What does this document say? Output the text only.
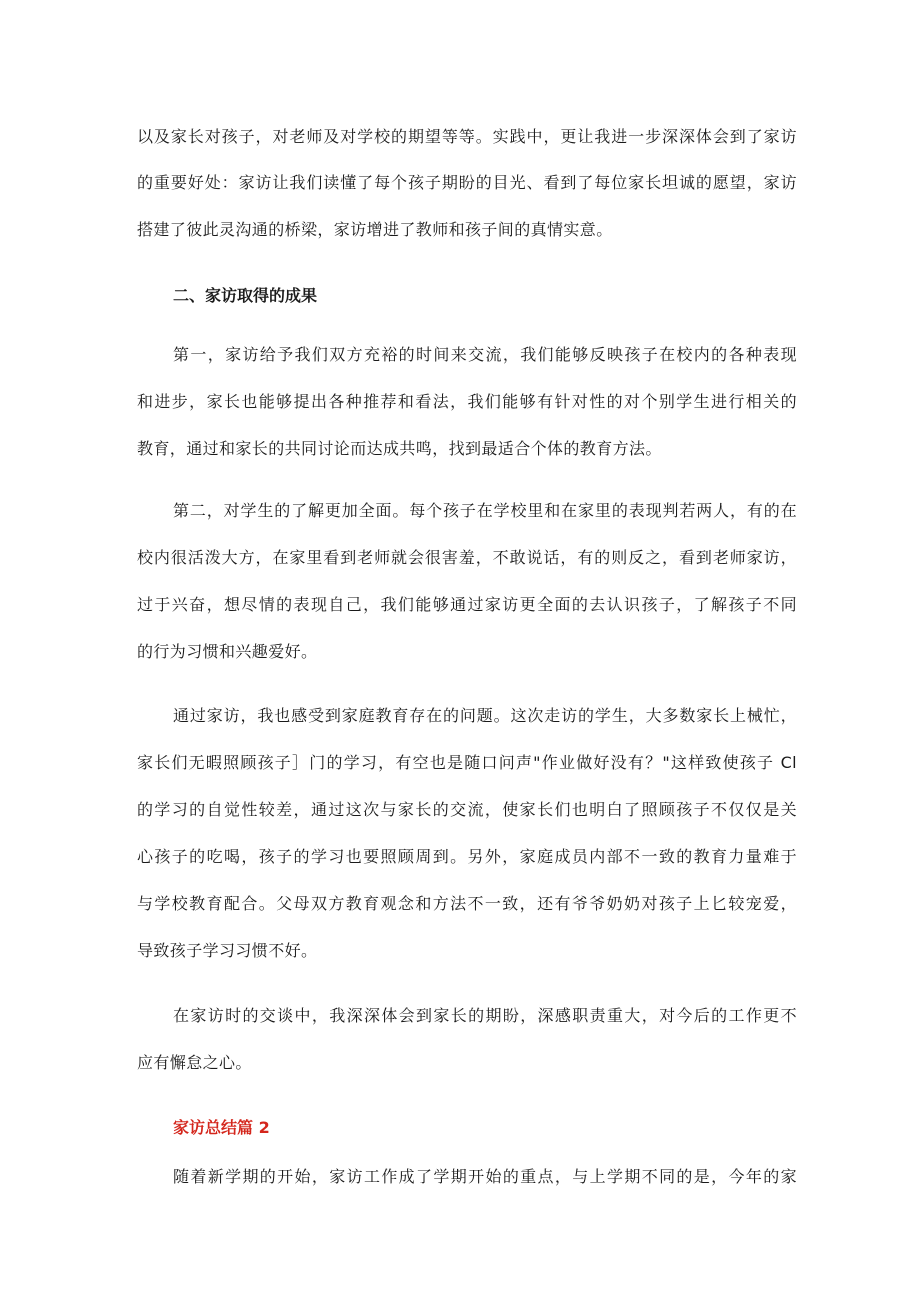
以及家长对孩子，对老师及对学校的期望等等。实践中，更让我进一步深深体会到了家访
的重要好处：家访让我们读懂了每个孩子期盼的目光、看到了每位家长坦诚的愿望，家访
搭建了彼此灵沟通的桥梁，家访增进了教师和孩子间的真情实意。
二、家访取得的成果
第一，家访给予我们双方充裕的时间来交流，我们能够反映孩子在校内的各种表现
和进步，家长也能够提出各种推荐和看法，我们能够有针对性的对个别学生进行相关的
教育，通过和家长的共同讨论而达成共鸣，找到最适合个体的教育方法。
第二，对学生的了解更加全面。每个孩子在学校里和在家里的表现判若两人，有的在
校内很活泼大方，在家里看到老师就会很害羞，不敢说话，有的则反之，看到老师家访，
过于兴奋，想尽情的表现自己，我们能够通过家访更全面的去认识孩子，了解孩子不同
的行为习惯和兴趣爱好。
通过家访，我也感受到家庭教育存在的问题。这次走访的学生，大多数家长上械忙，
家长们无暇照顾孩子］门的学习，有空也是随口问声"作业做好没有？"这样致使孩子 Cl
的学习的自觉性较差，通过这次与家长的交流，使家长们也明白了照顾孩子不仅仅是关
心孩子的吃喝，孩子的学习也要照顾周到。另外，家庭成员内部不一致的教育力量难于
与学校教育配合。父母双方教育观念和方法不一致，还有爷爷奶奶对孩子上匕较宠爱，
导致孩子学习习惯不好。
在家访时的交谈中，我深深体会到家长的期盼，深感职责重大，对今后的工作更不
应有懈怠之心。
家访总结篇 2
随着新学期的开始，家访工作成了学期开始的重点，与上学期不同的是，今年的家
